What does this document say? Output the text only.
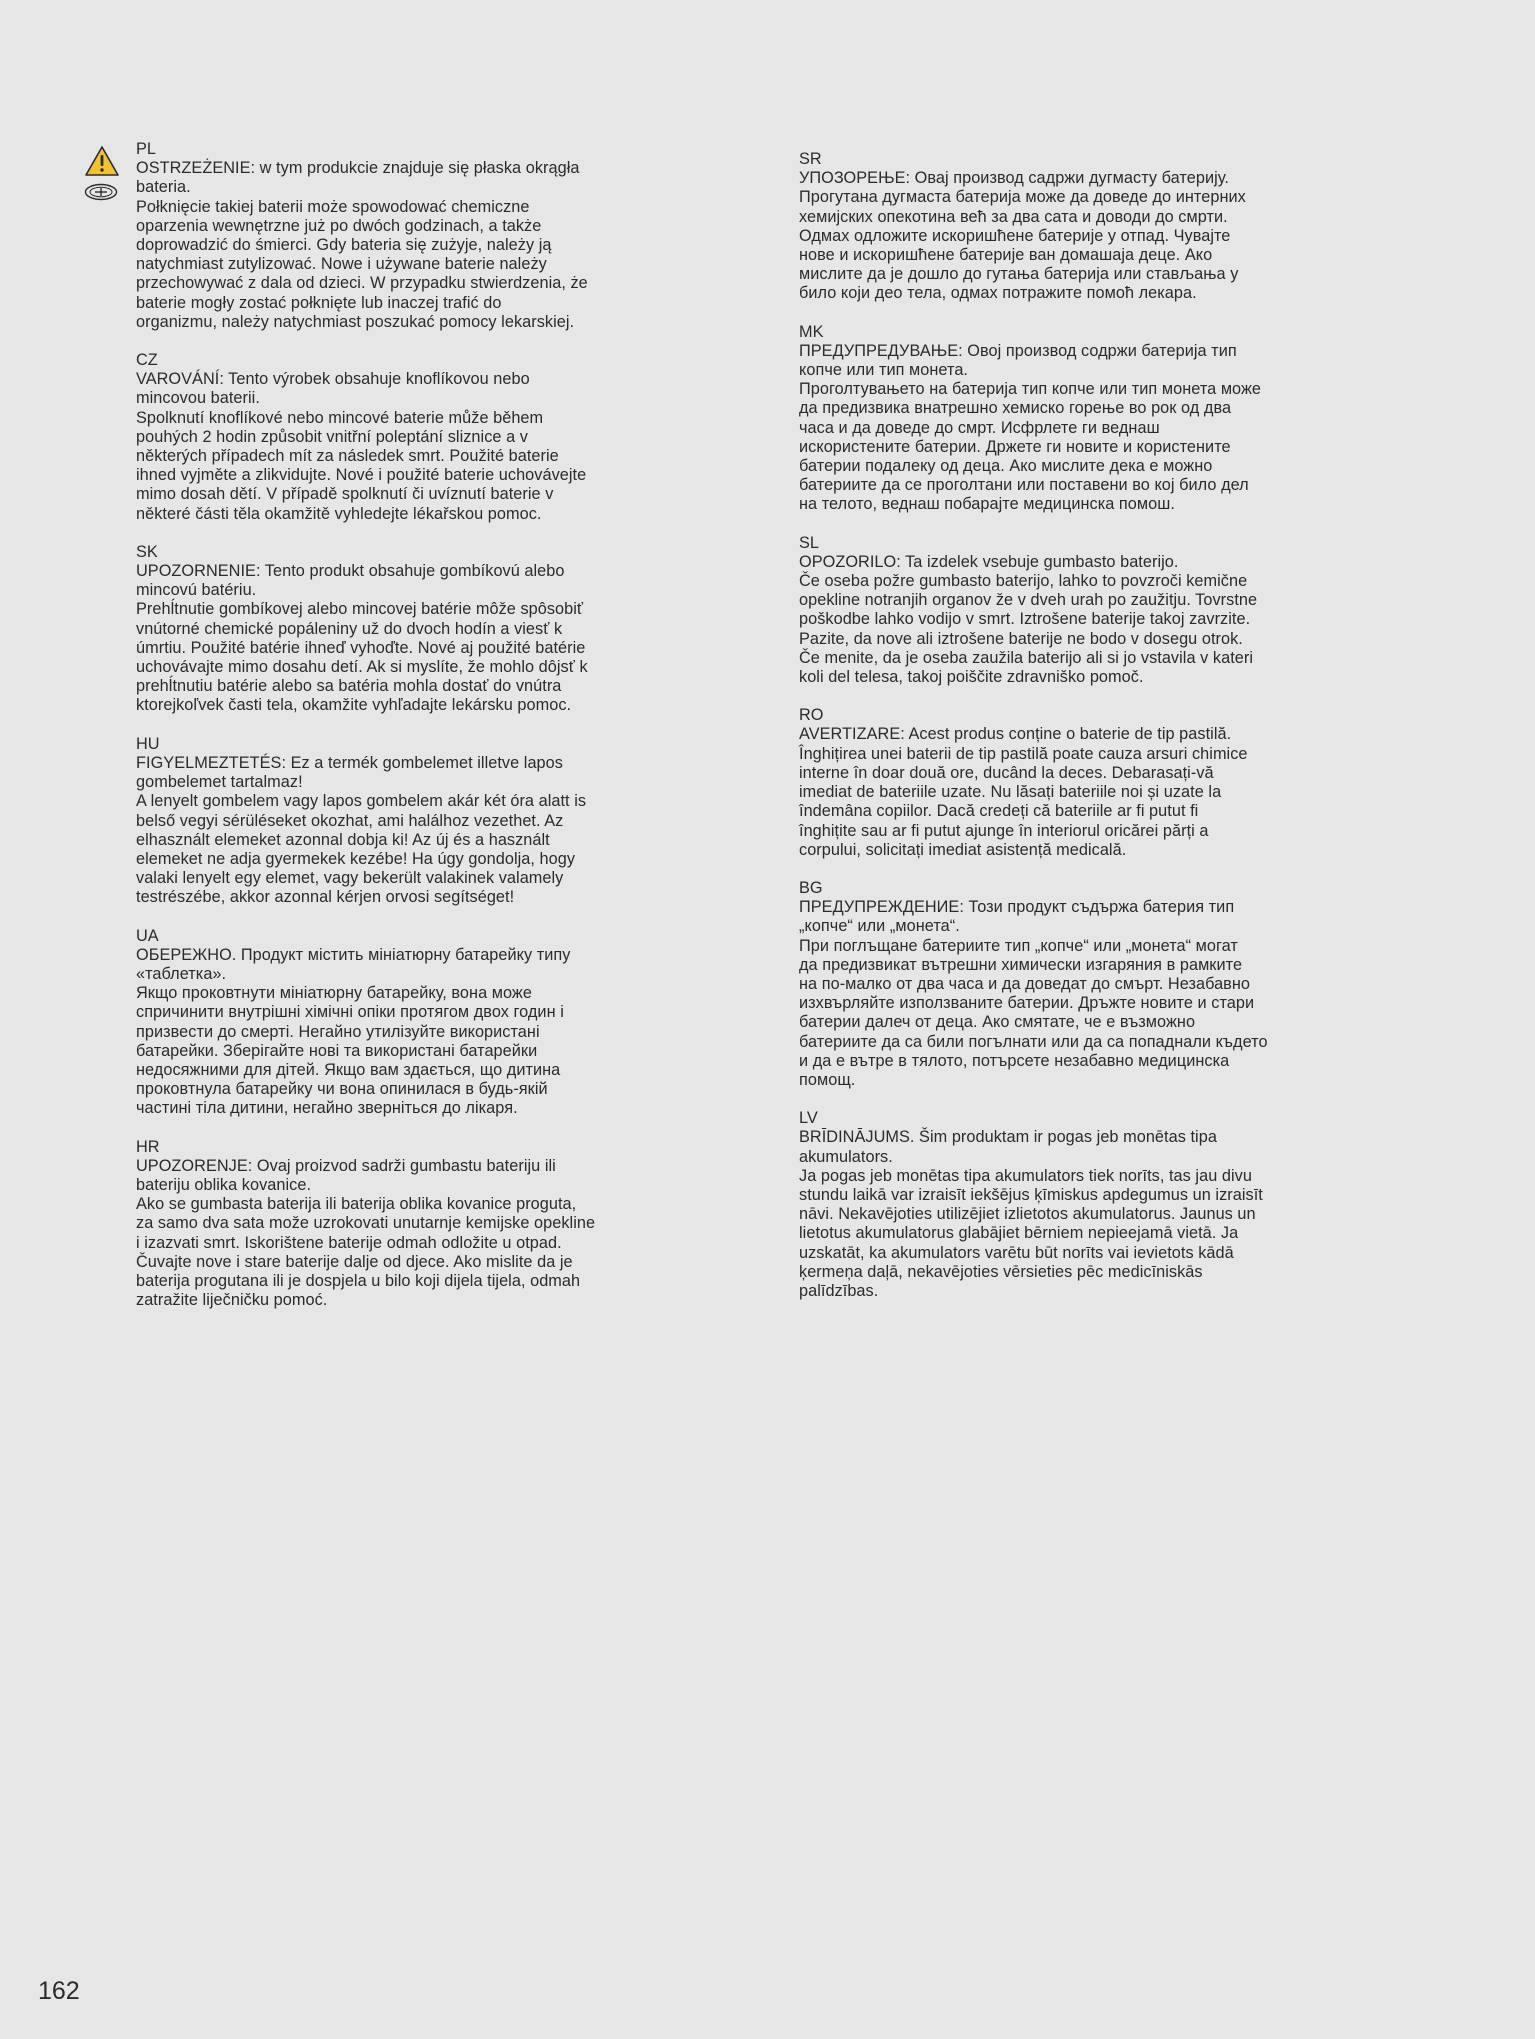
PL

OSTRZEŻENIE: w tym produkcie znajduje się płaska okrągła
bateria.
Połknięcie takiej baterii może spowodować chemiczne
oparzenia wewnętrzne już po dwóch godzinach, a także
doprowadzić do śmierci. Gdy bateria się zużyje, należy ją
natychmiast zutylizować. Nowe i używane baterie należy
przechowywać z dala od dzieci. W przypadku stwierdzenia, że
baterie mogły zostać połknięte lub inaczej trafić do
organizmu, należy natychmiast poszukać pomocy lekarskiej.

CZ

VAROVÁNÍ: Tento výrobek obsahuje knoflíkovou nebo
mincovou baterii.
Spolknutí knoflíkové nebo mincové baterie může během
pouhých 2 hodin způsobit vnitřní poleptání sliznice a v
některých případech mít za následek smrt. Použité baterie
ihned vyjměte a zlikvidujte. Nové i použité baterie uchovávejte
mimo dosah dětí. V případě spolknutí či uvíznutí baterie v
některé části těla okamžitě vyhledejte lékařskou pomoc.

SK

UPOZORNENIE: Tento produkt obsahuje gombíkovú alebo
mincovú batériu.
Prehĺtnutie gombíkovej alebo mincovej batérie môže spôsobiť
vnútorné chemické popáleniny už do dvoch hodín a viesť k
úmrtiu. Použité batérie ihneď vyhoďte. Nové aj použité batérie
uchovávajte mimo dosahu detí. Ak si myslíte, že mohlo dôjsť k
prehĺtnutiu batérie alebo sa batéria mohla dostať do vnútra
ktorejkoľvek časti tela, okamžite vyhľadajte lekársku pomoc.

HU

FIGYELMEZTETÉS: Ez a termék gombelemet illetve lapos
gombelemet tartalmaz!
A lenyelt gombelem vagy lapos gombelem akár két óra alatt is
belső vegyi sérüléseket okozhat, ami halálhoz vezethet. Az
elhasznált elemeket azonnal dobja ki! Az új és a használt
elemeket ne adja gyermekek kezébe! Ha úgy gondolja, hogy
valaki lenyelt egy elemet, vagy bekerült valakinek valamely
testrészébe, akkor azonnal kérjen orvosi segítséget!

UA

ОБЕРЕЖНО. Продукт містить мініатюрну батарейку типу
«таблетка».
Якщо проковтнути мініатюрну батарейку, вона може
спричинити внутрішні хімічні опіки протягом двох годин і
призвести до смерті. Негайно утилізуйте використані
батарейки. Зберігайте нові та використані батарейки
недосяжними для дітей. Якщо вам здається, що дитина
проковтнула батарейку чи вона опинилася в будь-якій
частині тіла дитини, негайно зверніться до лікаря.

HR

UPOZORENJE: Ovaj proizvod sadrži gumbastu bateriju ili
bateriju oblika kovanice.
Ako se gumbasta baterija ili baterija oblika kovanice proguta,
za samo dva sata može uzrokovati unutarnje kemijske opekline
i izazvati smrt. Iskorištene baterije odmah odložite u otpad.
Čuvajte nove i stare baterije dalje od djece. Ako mislite da je
baterija progutana ili je dospjela u bilo koji dijela tijela, odmah
zatražite liječničku pomoć.

SR

УПОЗОРЕЊЕ: Овај производ садржи дугмасту батерију.
Прогутана дугмаста батерија може да доведе до интерних
хемијских опекотина већ за два сата и доводи до смрти.
Одмах одложите искоришћене батерије у отпад. Чувајте
нове и искоришћене батерије ван домашаја деце. Ако
мислите да је дошло до гутања батерија или стављања у
било који део тела, одмах потражите помоћ лекара.

MK

ПРЕДУПРЕДУВАЊЕ: Овој производ содржи батерија тип
копче или тип монета.
Проголтувањето на батерија тип копче или тип монета може
да предизвика внатрешно хемиско горење во рок од два
часа и да доведе до смрт. Исфрлете ги веднаш
искористените батерии. Држете ги новите и користените
батерии подалеку од деца. Ако мислите дека е можно
батериите да се проголтани или поставени во кој било дел
на телото, веднаш побарајте медицинска помош.

SL

OPOZORILO: Ta izdelek vsebuje gumbasto baterijo.
Če oseba požre gumbasto baterijo, lahko to povzroči kemične
opekline notranjih organov že v dveh urah po zaužitju. Tovrstne
poškodbe lahko vodijo v smrt. Iztrošene baterije takoj zavrzite.
Pazite, da nove ali iztrošene baterije ne bodo v dosegu otrok.
Če menite, da je oseba zaužila baterijo ali si jo vstavila v kateri
koli del telesa, takoj poiščite zdravniško pomoč.

RO

AVERTIZARE: Acest produs conține o baterie de tip pastilă.
Înghițirea unei baterii de tip pastilă poate cauza arsuri chimice
interne în doar două ore, ducând la deces. Debarasați-vă
imediat de bateriile uzate. Nu lăsați bateriile noi și uzate la
îndemâna copiilor. Dacă credeți că bateriile ar fi putut fi
înghițite sau ar fi putut ajunge în interiorul oricărei părți a
corpului, solicitați imediat asistență medicală.

BG

ПРЕДУПРЕЖДЕНИЕ: Този продукт съдържа батерия тип
„копче“ или „монета“.
При поглъщане батериите тип „копче“ или „монета“ могат
да предизвикат вътрешни химически изгаряния в рамките
на по-малко от два часа и да доведат до смърт. Незабавно
изхвърляйте използваните батерии. Дръжте новите и стари
батерии далеч от деца. Ако смятате, че е възможно
батериите да са били погълнати или да са попаднали където
и да е вътре в тялото, потърсете незабавно медицинска
помощ.

LV

BRĪDINĀJUMS. Šim produktam ir pogas jeb monētas tipa
akumulators.
Ja pogas jeb monētas tipa akumulators tiek norīts, tas jau divu
stundu laikā var izraisīt iekšējus ķīmiskus apdegumus un izraisīt
nāvi. Nekavējoties utilizējiet izlietotos akumulatorus. Jaunus un
lietotus akumulatorus glabājiet bērniem nepieejamā vietā. Ja
uzskatāt, ka akumulators varētu būt norīts vai ievietots kādā
ķermeņa daļā, nekavējoties vērsieties pēc medicīniskās
palīdzības.

162
